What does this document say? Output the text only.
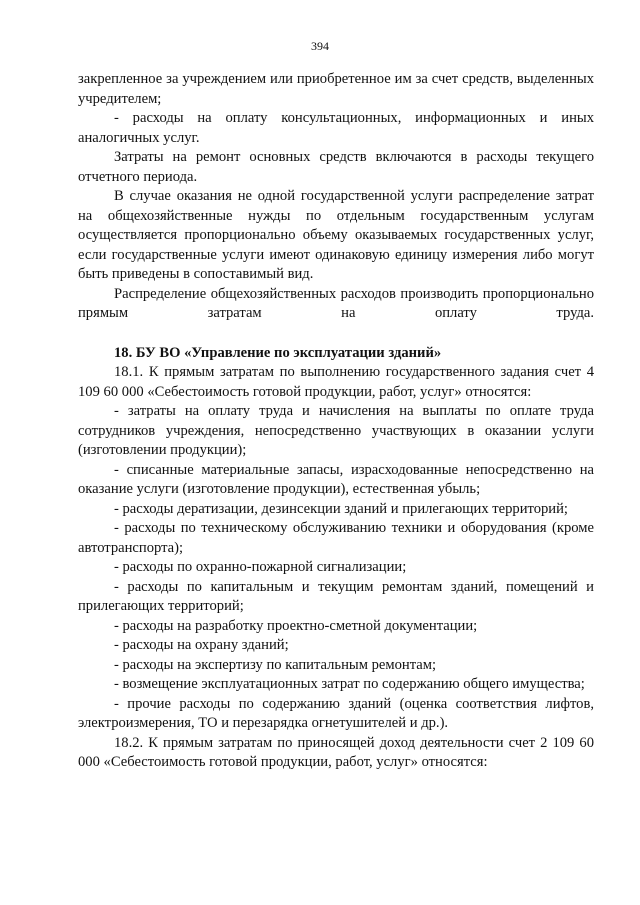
394

закрепленное за учреждением или приобретенное им за счет средств, выделенных учредителем;

- расходы на оплату консультационных, информационных и иных аналогичных услуг.

Затраты на ремонт основных средств включаются в расходы текущего отчетного периода.

В случае оказания не одной государственной услуги распределение затрат на общехозяйственные нужды по отдельным государственным услугам осуществляется пропорционально объему оказываемых государственных услуг, если государственные услуги имеют одинаковую единицу измерения либо могут быть приведены в сопоставимый вид.

Распределение общехозяйственных расходов производить пропорционально прямым затратам на оплату труда.

18. БУ ВО «Управление по эксплуатации зданий»

18.1. К прямым затратам по выполнению государственного задания счет 4 109 60 000 «Себестоимость готовой продукции, работ, услуг» относятся:

- затраты на оплату труда и начисления на выплаты по оплате труда сотрудников учреждения, непосредственно участвующих в оказании услуги (изготовлении продукции);

- списанные материальные запасы, израсходованные непосредственно на оказание услуги (изготовление продукции), естественная убыль;

- расходы дератизации, дезинсекции зданий и прилегающих территорий;

- расходы по техническому обслуживанию техники и оборудования (кроме автотранспорта);

- расходы по охранно-пожарной сигнализации;

- расходы по капитальным и текущим ремонтам зданий, помещений и прилегающих территорий;

- расходы на разработку проектно-сметной документации;

- расходы на охрану зданий;

- расходы на экспертизу по капитальным ремонтам;

- возмещение эксплуатационных затрат по содержанию общего имущества;

- прочие расходы по содержанию зданий (оценка соответствия лифтов, электроизмерения, ТО и перезарядка огнетушителей и др.).

18.2. К прямым затратам по приносящей доход деятельности счет 2 109 60 000 «Себестоимость готовой продукции, работ, услуг» относятся:
